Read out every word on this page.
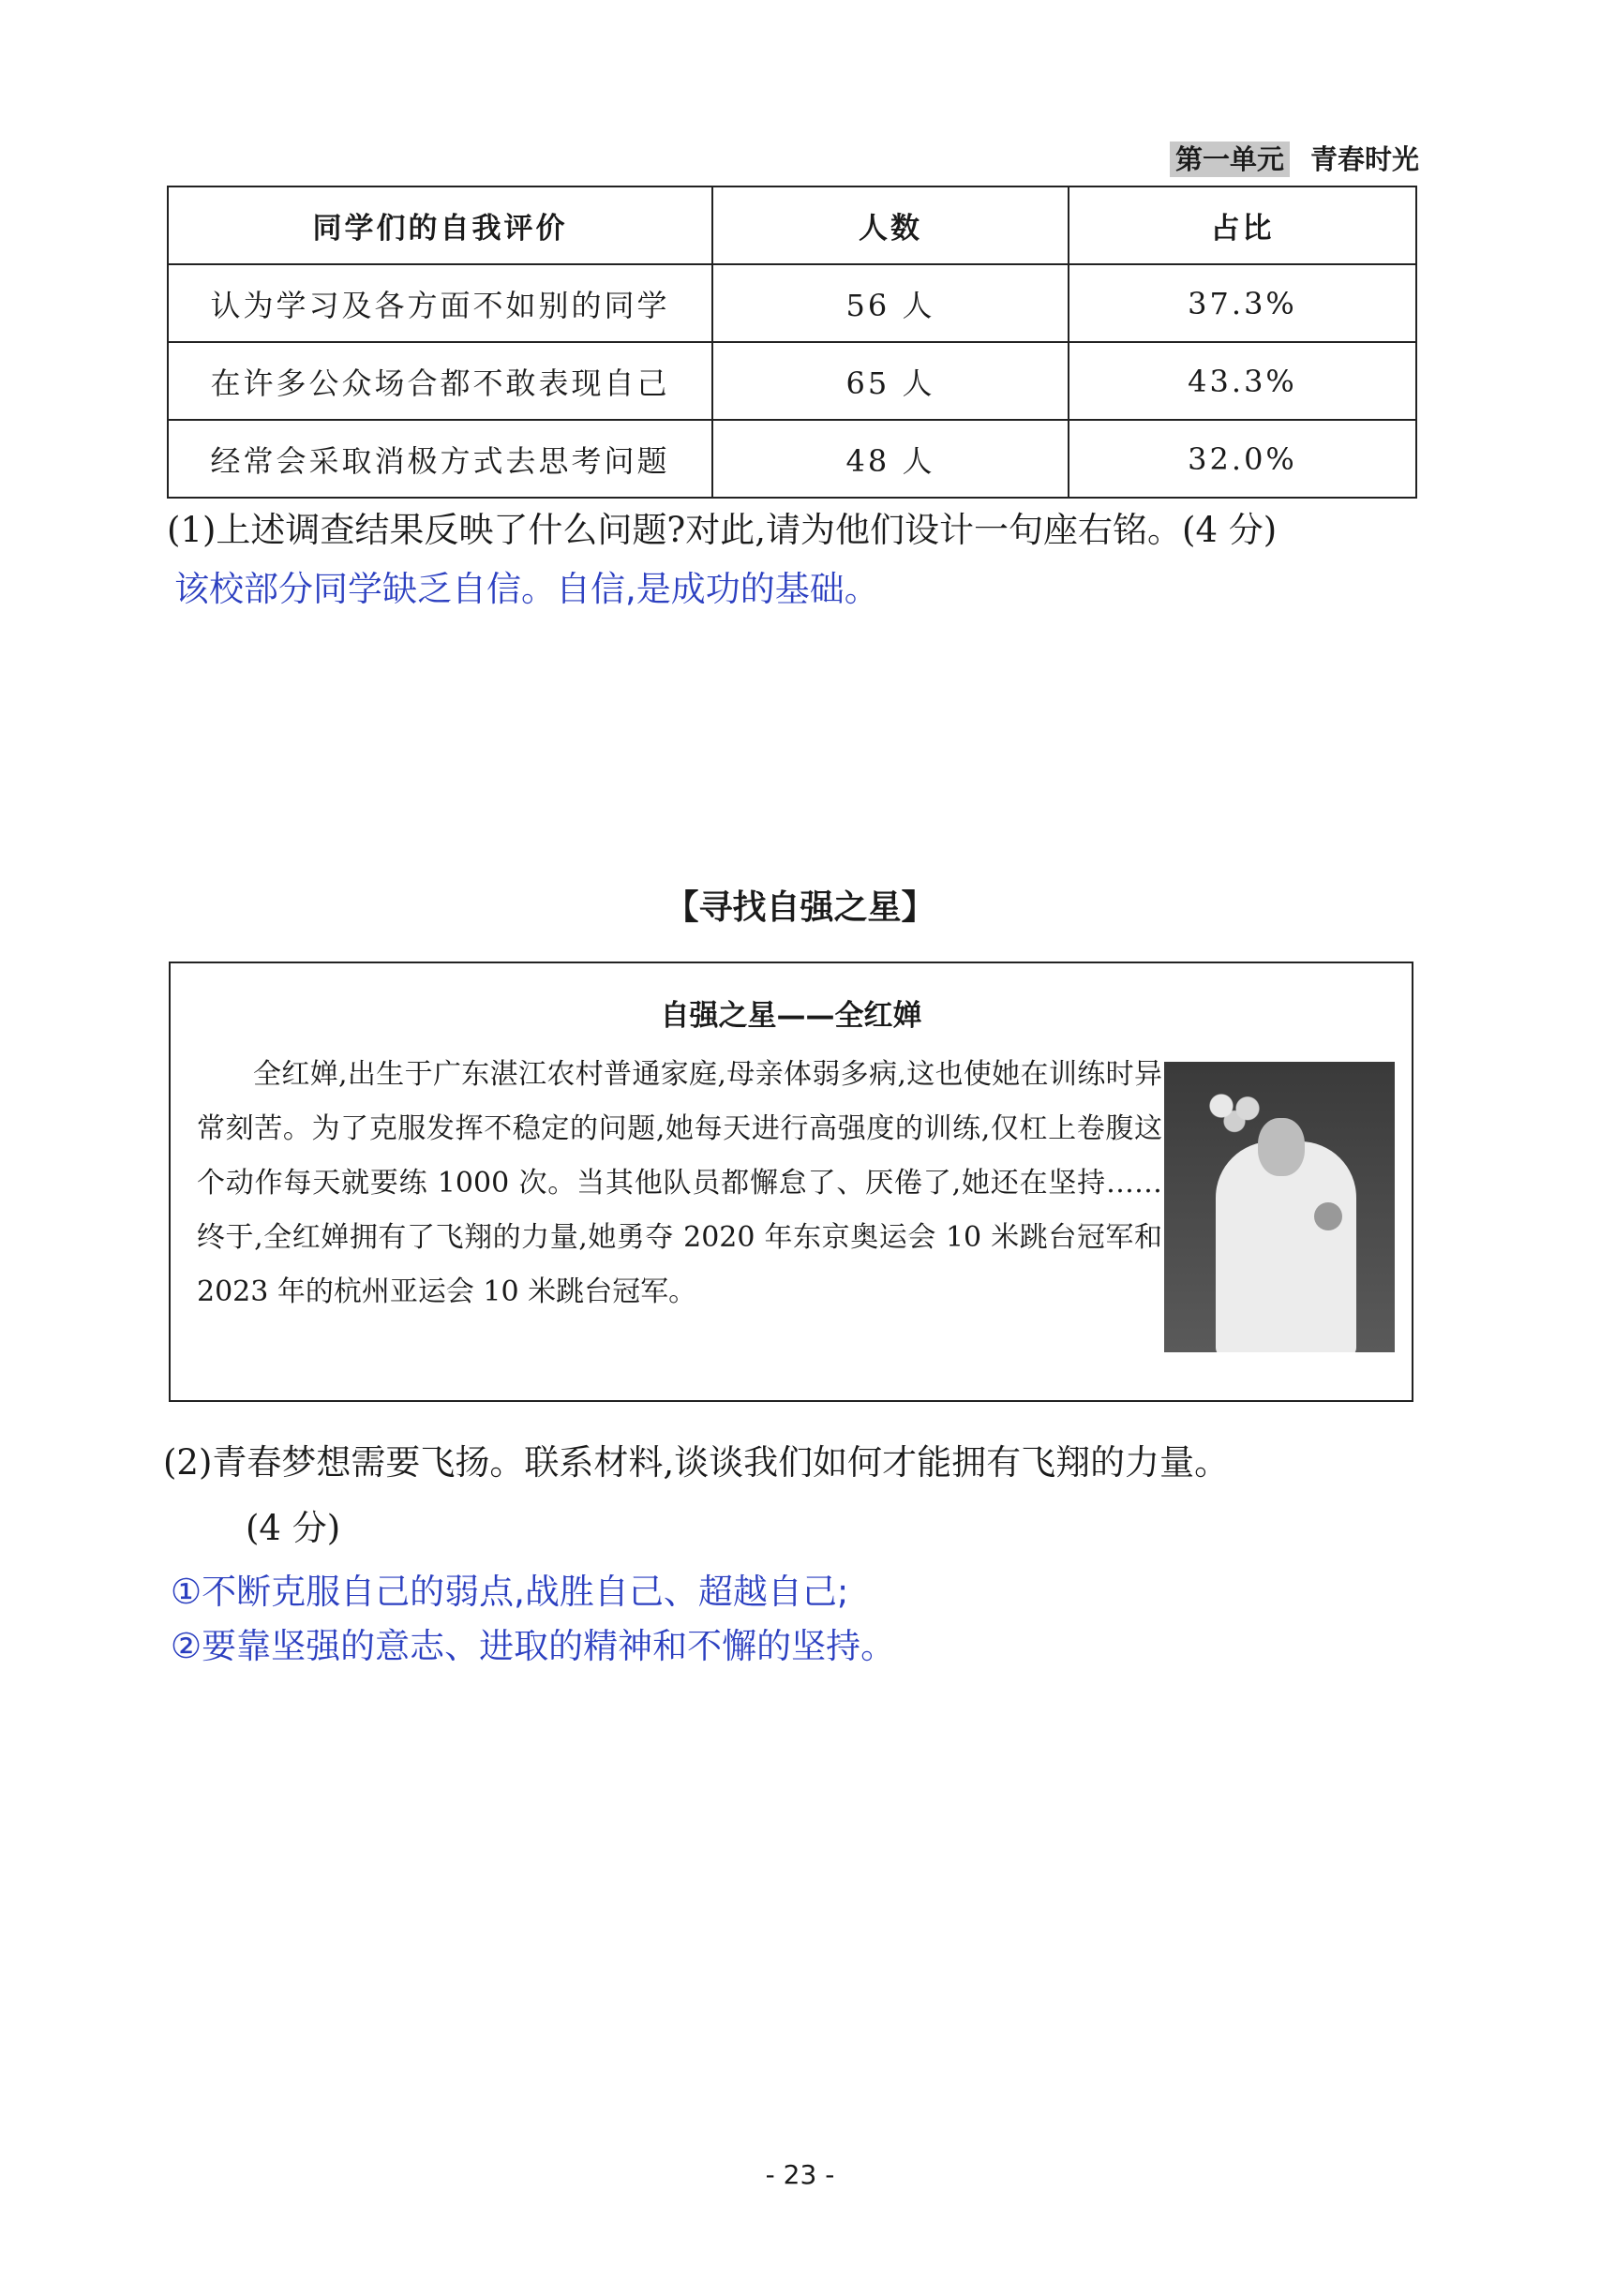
第一单元 青春时光
同学们的自我评价	人数	占比
认为学习及各方面不如别的同学	56 人	37.3%
在许多公众场合都不敢表现自己	65 人	43.3%
经常会采取消极方式去思考问题	48 人	32.0%
(1)上述调查结果反映了什么问题?对此,请为他们设计一句座右铭。(4 分)
该校部分同学缺乏自信。自信,是成功的基础。
【寻找自强之星】
自强之星——全红婵

全红婵,出生于广东湛江农村普通家庭,母亲体弱多病,这也使她在训练时异常刻苦。为了克服发挥不稳定的问题,她每天进行高强度的训练,仅杠上卷腹这个动作每天就要练 1000 次。当其他队员都懈怠了、厌倦了,她还在坚持……终于,全红婵拥有了飞翔的力量,她勇夺 2020 年东京奥运会 10 米跳台冠军和 2023 年的杭州亚运会 10 米跳台冠军。

(2)青春梦想需要飞扬。联系材料,谈谈我们如何才能拥有飞翔的力量。
(4 分)
①不断克服自己的弱点,战胜自己、超越自己;
②要靠坚强的意志、进取的精神和不懈的坚持。
- 23 -
